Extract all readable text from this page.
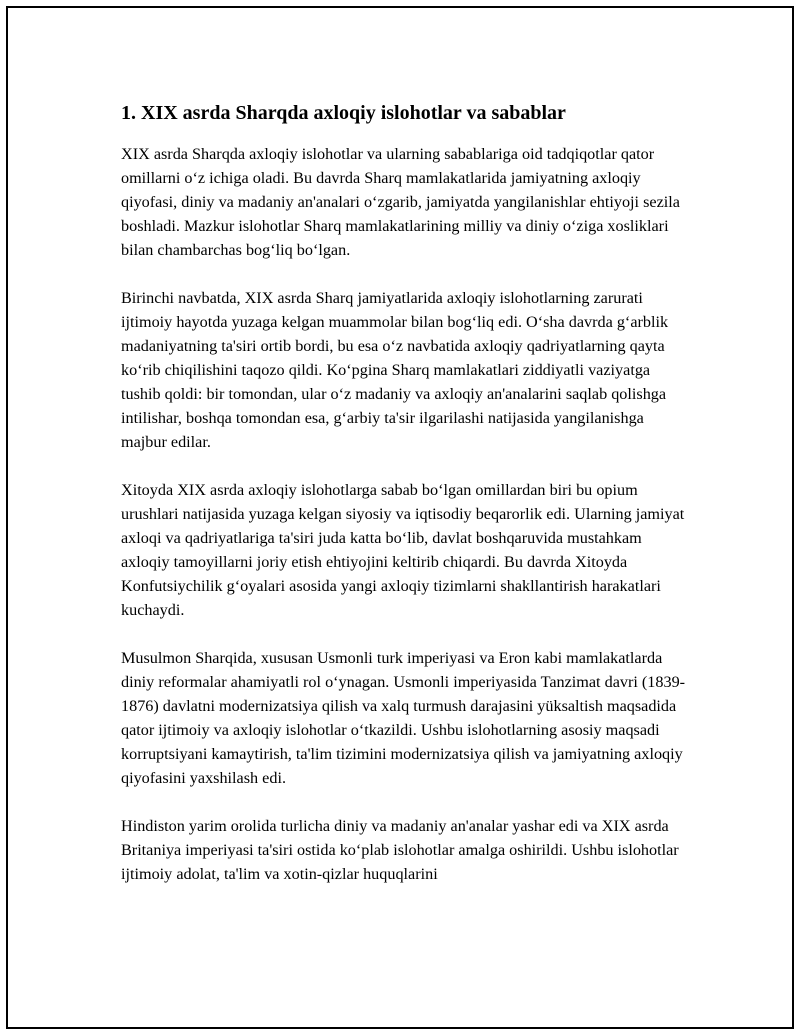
1. XIX asrda Sharqda axloqiy islohotlar va sabablar

XIX asrda Sharqda axloqiy islohotlar va ularning sabablariga oid tadqiqotlar qator omillarni o‘z ichiga oladi. Bu davrda Sharq mamlakatlarida jamiyatning axloqiy qiyofasi, diniy va madaniy an'analari o‘zgarib, jamiyatda yangilanishlar ehtiyoji sezila boshladi. Mazkur islohotlar Sharq mamlakatlarining milliy va diniy o‘ziga xosliklari bilan chambarchas bog‘liq bo‘lgan.

Birinchi navbatda, XIX asrda Sharq jamiyatlarida axloqiy islohotlarning zarurati ijtimoiy hayotda yuzaga kelgan muammolar bilan bog‘liq edi. O‘sha davrda g‘arblik madaniyatning ta'siri ortib bordi, bu esa o‘z navbatida axloqiy qadriyatlarning qayta ko‘rib chiqilishini taqozo qildi. Ko‘pgina Sharq mamlakatlari ziddiyatli vaziyatga tushib qoldi: bir tomondan, ular o‘z madaniy va axloqiy an'analarini saqlab qolishga intilishar, boshqa tomondan esa, g‘arbiy ta'sir ilgarilashi natijasida yangilanishga majbur edilar.

Xitoyda XIX asrda axloqiy islohotlarga sabab bo‘lgan omillardan biri bu opium urushlari natijasida yuzaga kelgan siyosiy va iqtisodiy beqarorlik edi. Ularning jamiyat axloqi va qadriyatlariga ta'siri juda katta bo‘lib, davlat boshqaruvida mustahkam axloqiy tamoyillarni joriy etish ehtiyojini keltirib chiqardi. Bu davrda Xitoyda Konfutsiychilik g‘oyalari asosida yangi axloqiy tizimlarni shakllantirish harakatlari kuchaydi.

Musulmon Sharqida, xususan Usmonli turk imperiyasi va Eron kabi mamlakatlarda diniy reformalar ahamiyatli rol o‘ynagan. Usmonli imperiyasida Tanzimat davri (1839-1876) davlatni modernizatsiya qilish va xalq turmush darajasini yüksaltish maqsadida qator ijtimoiy va axloqiy islohotlar o‘tkazildi. Ushbu islohotlarning asosiy maqsadi korruptsiyani kamaytirish, ta'lim tizimini modernizatsiya qilish va jamiyatning axloqiy qiyofasini yaxshilash edi.

Hindiston yarim orolida turlicha diniy va madaniy an'analar yashar edi va XIX asrda Britaniya imperiyasi ta'siri ostida ko‘plab islohotlar amalga oshirildi. Ushbu islohotlar ijtimoiy adolat, ta'lim va xotin-qizlar huquqlarini
